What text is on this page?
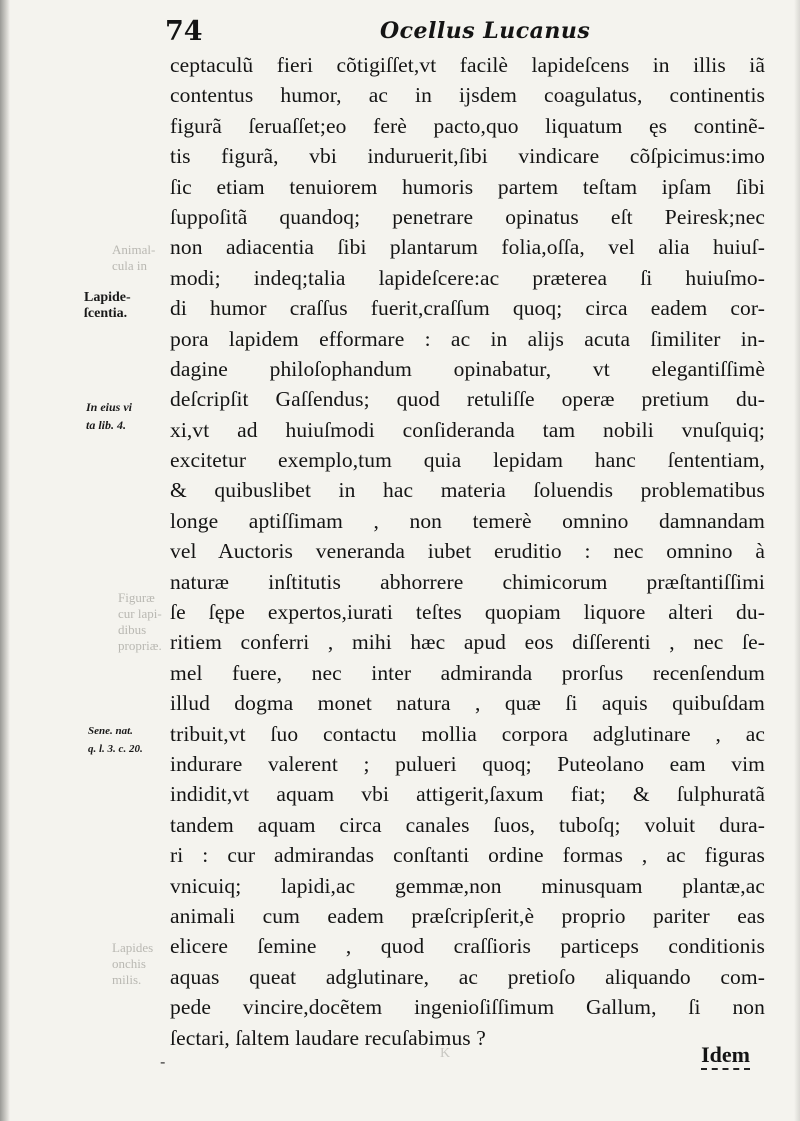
Animal-
cula in
Figuræ
cur lapi-
dibus
propriæ.
Lapides
onchis
milis.
74	Ocellus Lucanus
Lapide-
ſcentia.
In eius vi
ta lib. 4.
Sene. nat.
q. l. 3. c. 20.
ceptaculũ fieri cõtigiſſet,vt facilè lapideſcens in illis iã
contentus humor, ac in ijsdem coagulatus, continentis
figurã ſeruaſſet;eo ferè pacto,quo liquatum ęs continẽ-
tis figurã, vbi induruerit,ſibi vindicare cõſpicimus:imo
ſic etiam tenuiorem humoris partem teſtam ipſam ſibi
ſuppoſitã quandoq; penetrare opinatus eſt Peiresk;nec
non adiacentia ſibi plantarum folia,oſſa, vel alia huiuſ-
modi; indeq;talia lapideſcere:ac præterea ſi huiuſmo-
di humor craſſus fuerit,craſſum quoq; circa eadem cor-
pora lapidem efformare : ac in alijs acuta ſimiliter in-
dagine philoſophandum opinabatur, vt elegantiſſimè
deſcripſit Gaſſendus; quod retuliſſe operæ pretium du-
xi,vt ad huiuſmodi conſideranda tam nobili vnuſquiq;
excitetur exemplo,tum quia lepidam hanc ſententiam,
& quibuslibet in hac materia ſoluendis problematibus
longe aptiſſimam , non temerè omnino damnandam
vel Auctoris veneranda iubet eruditio : nec omnino à
naturæ inſtitutis abhorrere chimicorum præſtantiſſimi
ſe ſępe expertos,iurati teſtes quopiam liquore alteri du-
ritiem conferri , mihi hæc apud eos diſſerenti , nec ſe-
mel fuere, nec inter admiranda prorſus recenſendum
illud dogma monet natura , quæ ſi aquis quibuſdam
tribuit,vt ſuo contactu mollia corpora adglutinare , ac
indurare valerent ; pulueri quoq; Puteolano eam vim
indidit,vt aquam vbi attigerit,ſaxum fiat; & ſulphuratã
tandem aquam circa canales ſuos, tuboſq; voluit dura-
ri : cur admirandas conſtanti ordine formas , ac figuras
vnicuiq; lapidi,ac gemmæ,non minusquam plantæ,ac
animali cum eadem præſcripſerit,è proprio pariter eas
elicere ſemine , quod craſſioris particeps conditionis
aquas queat adglutinare, ac pretioſo aliquando com-
pede vincire,docẽtem ingenioſiſſimum Gallum, ſi non
ſectari, ſaltem laudare recuſabimus ?
-	K	Idem
